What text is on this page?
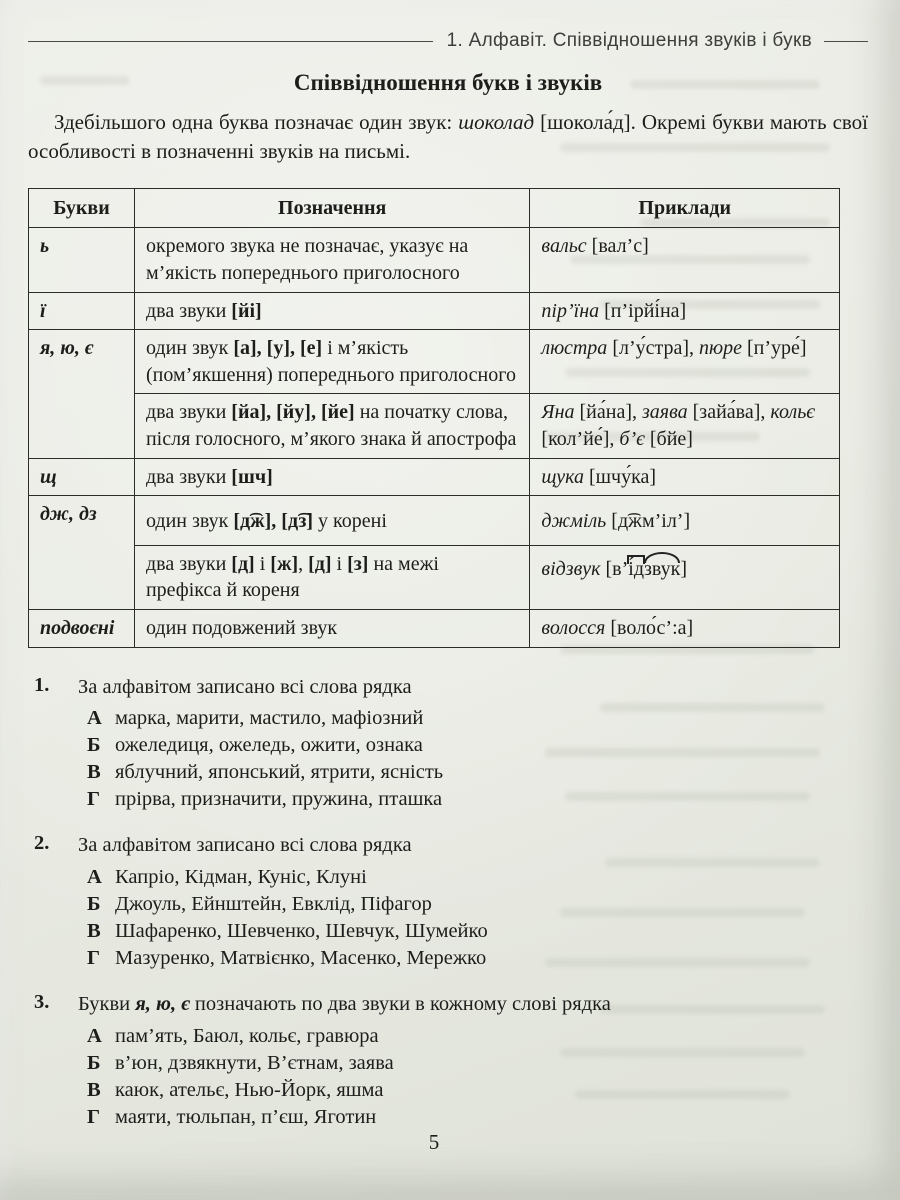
1. Алфавіт. Співвідношення звуків і букв
Співвідношення букв і звуків

Здебільшого одна буква позначає один звук: шоколад [шокола́д]. Окремі букви мають свої особливості в позначенні звуків на письмі.

Букви	Позначення	Приклади
ь	окремого звука не позначає, указує на м’якість попереднього приголосного	вальс [вал’с]
ї	два звуки [йі]	пір’їна [п’ірйі́на]
я, ю, є	один звук [а], [у], [е] і м’якість (пом’якшення) попереднього приголосного	люстра [л’у́стра], пюре [п’уре́]
	два звуки [йа], [йу], [йе] на початку слова, після голосного, м’якого знака й апострофа	Яна [йа́на], заява [зайа́ва], кольє [кол’йе́], б’є [бйе]
щ	два звуки [шч]	щука [шчу́ка]
дж, дз	один звук [д͡ж], [д͡з] у корені	джміль [д͡жм’іл’]
	два звуки [д] і [ж], [д] і [з] на межі префікса й кореня	відзвук [в’і́дзвук]
подвоєні	один подовжений звук	волосся [воло́с’:а]
1.	За алфавітом записано всі слова рядка
А марка, марити, мастило, мафіозний
Б ожеледиця, ожеледь, ожити, ознака
В яблучний, японський, ятрити, ясність
Г прірва, призначити, пружина, пташка
2.	За алфавітом записано всі слова рядка
А Капріо, Кідман, Куніс, Клуні
Б Джоуль, Ейнштейн, Евклід, Піфагор
В Шафаренко, Шевченко, Шевчук, Шумейко
Г Мазуренко, Матвієнко, Масенко, Мережко
3.	Букви я, ю, є позначають по два звуки в кожному слові рядка
А пам’ять, Баюл, кольє, гравюра
Б в’юн, дзвякнути, В’єтнам, заява
В каюк, ательє, Нью-Йорк, яшма
Г маяти, тюльпан, п’єш, Яготин
5
